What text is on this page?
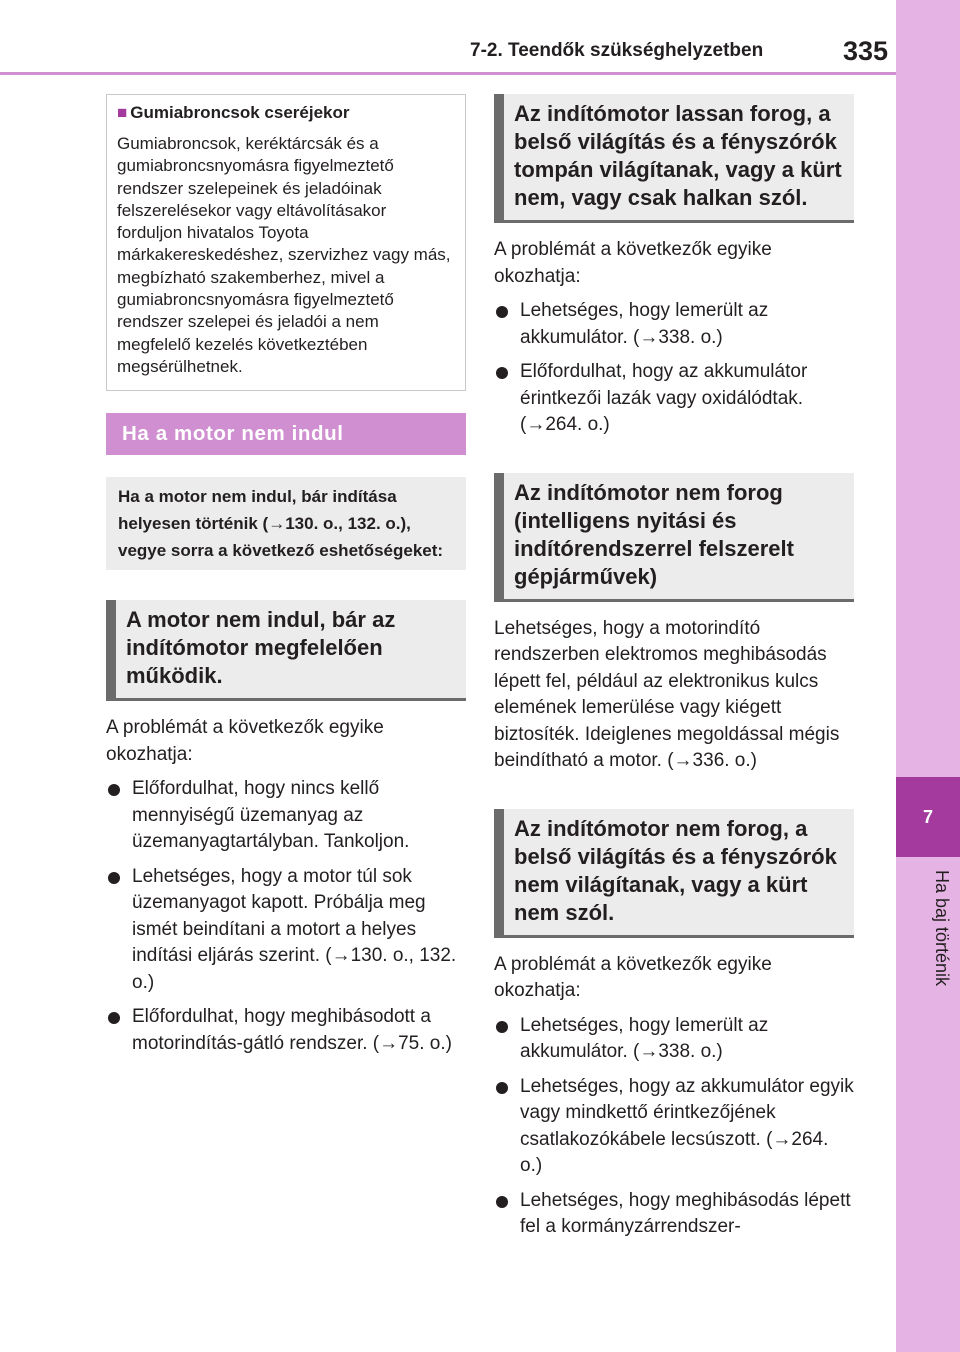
7-2. Teendők szükséghelyzetben	335
7
Ha baj történik
■ Gumiabroncsok cseréjekor
Gumiabroncsok, keréktárcsák és a gumiabroncsnyomásra figyelmeztető rendszer szelepeinek és jeladóinak felszerelésekor vagy eltávolításakor forduljon hivatalos Toyota márkakereskedéshez, szervizhez vagy más, megbízható szakemberhez, mivel a gumiabroncsnyomásra figyelmeztető rendszer szelepei és jeladói a nem megfelelő kezelés következtében megsérülhetnek.
Ha a motor nem indul
Ha a motor nem indul, bár indítása helyesen történik (→130. o., 132. o.), vegye sorra a következő eshetőségeket:
A motor nem indul, bár az indítómotor megfelelően működik.
A problémát a következők egyike okozhatja:
Előfordulhat, hogy nincs kellő mennyiségű üzemanyag az üzemanyagtartályban. Tankoljon.
Lehetséges, hogy a motor túl sok üzemanyagot kapott. Próbálja meg ismét beindítani a motort a helyes indítási eljárás szerint. (→130. o., 132. o.)
Előfordulhat, hogy meghibásodott a motorindítás-gátló rendszer. (→75. o.)
Az indítómotor lassan forog, a belső világítás és a fényszórók tompán világítanak, vagy a kürt nem, vagy csak halkan szól.
A problémát a következők egyike okozhatja:
Lehetséges, hogy lemerült az akkumulátor. (→338. o.)
Előfordulhat, hogy az akkumulátor érintkezői lazák vagy oxidálódtak. (→264. o.)
Az indítómotor nem forog (intelligens nyitási és indítórendszerrel felszerelt gépjárművek)
Lehetséges, hogy a motorindító rendszerben elektromos meghibásodás lépett fel, például az elektronikus kulcs elemének lemerülése vagy kiégett biztosíték. Ideiglenes megoldással mégis beindítható a motor. (→336. o.)
Az indítómotor nem forog, a belső világítás és a fényszórók nem világítanak, vagy a kürt nem szól.
A problémát a következők egyike okozhatja:
Lehetséges, hogy lemerült az akkumulátor. (→338. o.)
Lehetséges, hogy az akkumulátor egyik vagy mindkettő érintkezőjének csatlakozókábele lecsúszott. (→264. o.)
Lehetséges, hogy meghibásodás lépett fel a kormányzárrendszer-
